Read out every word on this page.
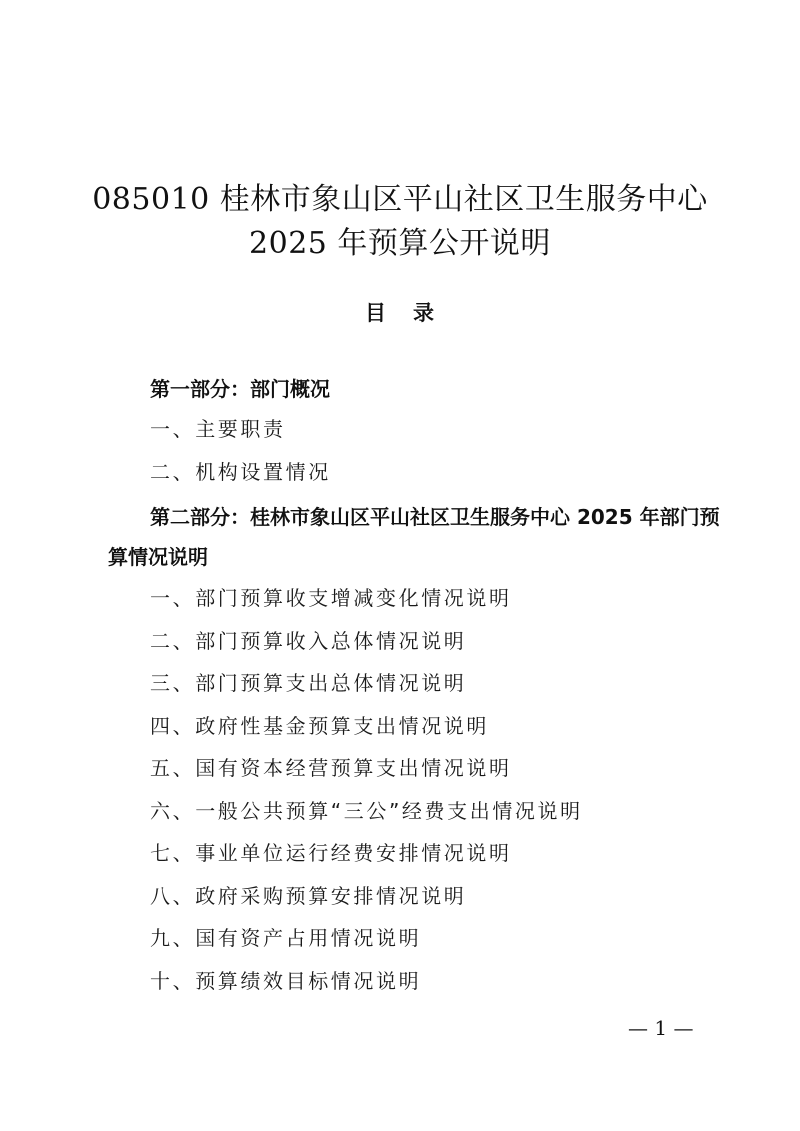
085010 桂林市象山区平山社区卫生服务中心
2025 年预算公开说明
目 录
第一部分：部门概况
一、主要职责
二、机构设置情况
第二部分：桂林市象山区平山社区卫生服务中心 2025 年部门预算情况说明
一、部门预算收支增减变化情况说明
二、部门预算收入总体情况说明
三、部门预算支出总体情况说明
四、政府性基金预算支出情况说明
五、国有资本经营预算支出情况说明
六、一般公共预算“三公”经费支出情况说明
七、事业单位运行经费安排情况说明
八、政府采购预算安排情况说明
九、国有资产占用情况说明
十、预算绩效目标情况说明
— 1 —
